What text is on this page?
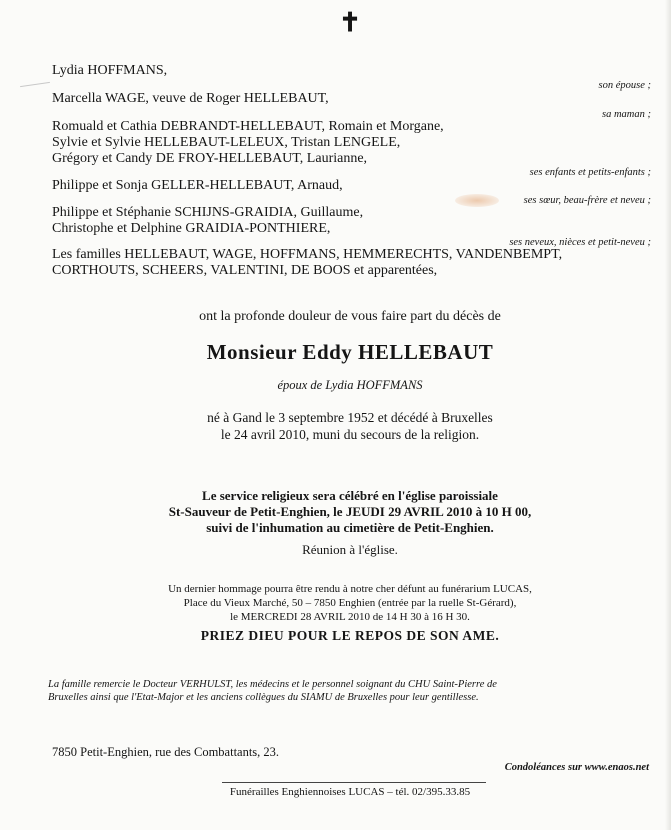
✝
Lydia HOFFMANS,
son épouse ;
Marcella WAGE, veuve de Roger HELLEBAUT,
sa maman ;
Romuald et Cathia DEBRANDT-HELLEBAUT, Romain et Morgane,
Sylvie et Sylvie HELLEBAUT-LELEUX, Tristan LENGELE,
Grégory et Candy DE FROY-HELLEBAUT, Laurianne,
ses enfants et petits-enfants ;
Philippe et Sonja GELLER-HELLEBAUT, Arnaud,
ses sœur, beau-frère et neveu ;
Philippe et Stéphanie SCHIJNS-GRAIDIA, Guillaume,
Christophe et Delphine GRAIDIA-PONTHIERE,
ses neveux, nièces et petit-neveu ;
Les familles HELLEBAUT, WAGE, HOFFMANS, HEMMERECHTS, VANDENBEMPT,
CORTHOUTS, SCHEERS, VALENTINI, DE BOOS et apparentées,
ont la profonde douleur de vous faire part du décès de
Monsieur Eddy HELLEBAUT
époux de Lydia HOFFMANS
né à Gand le 3 septembre 1952 et décédé à Bruxelles
le 24 avril 2010, muni du secours de la religion.
Le service religieux sera célébré en l'église paroissiale
St-Sauveur de Petit-Enghien, le JEUDI 29 AVRIL 2010 à 10 H 00,
suivi de l'inhumation au cimetière de Petit-Enghien.
Réunion à l'église.
Un dernier hommage pourra être rendu à notre cher défunt au funérarium LUCAS,
Place du Vieux Marché, 50 – 7850 Enghien (entrée par la ruelle St-Gérard),
le MERCREDI 28 AVRIL 2010 de 14 H 30 à 16 H 30.
PRIEZ DIEU POUR LE REPOS DE SON AME.
La famille remercie le Docteur VERHULST, les médecins et le personnel soignant du CHU Saint-Pierre de
Bruxelles ainsi que l'Etat-Major et les anciens collègues du SIAMU de Bruxelles pour leur gentillesse.
7850 Petit-Enghien, rue des Combattants, 23.
Condoléances sur www.enaos.net
Funérailles Enghiennoises LUCAS – tél. 02/395.33.85
